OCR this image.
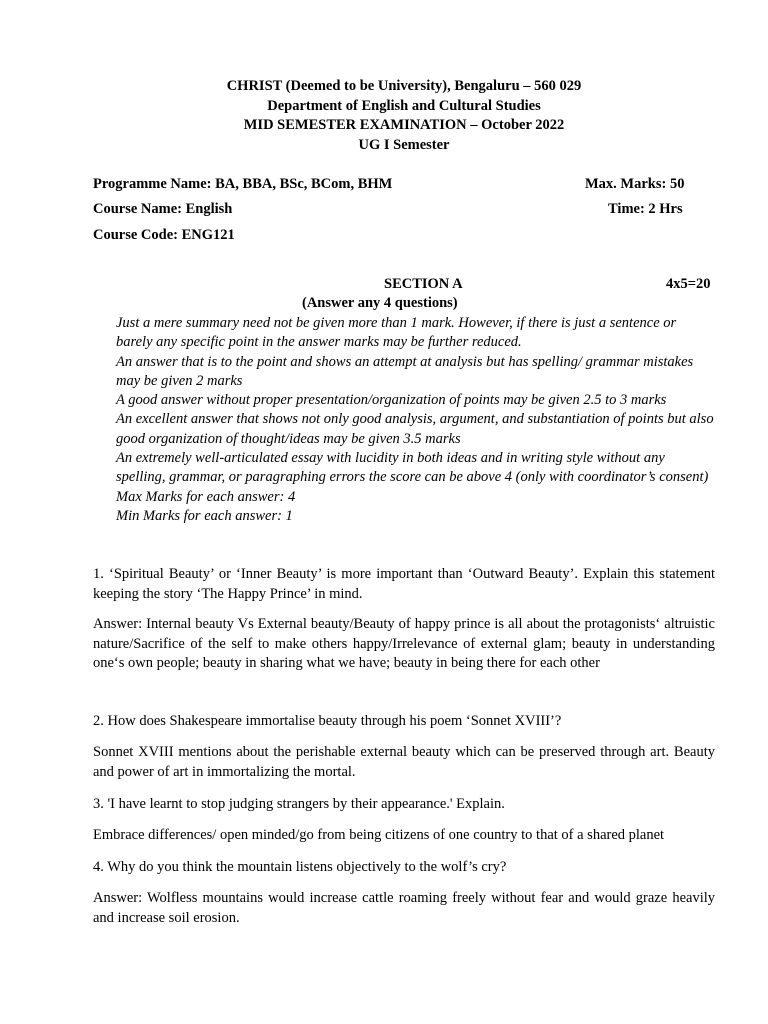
CHRIST (Deemed to be University), Bengaluru – 560 029
Department of English and Cultural Studies
MID SEMESTER EXAMINATION – October 2022
UG I Semester
Programme Name: BA, BBA, BSc, BCom, BHM	Max. Marks: 50
Course Name: English	Time: 2 Hrs
Course Code: ENG121
SECTION A	4x5=20
(Answer any 4 questions)
Just a mere summary need not be given more than 1 mark. However, if there is just a sentence or barely any specific point in the answer marks may be further reduced.
An answer that is to the point and shows an attempt at analysis but has spelling/ grammar mistakes may be given 2 marks
A good answer without proper presentation/organization of points may be given 2.5 to 3 marks
An excellent answer that shows not only good analysis, argument, and substantiation of points but also good organization of thought/ideas may be given 3.5 marks
An extremely well-articulated essay with lucidity in both ideas and in writing style without any spelling, grammar, or paragraphing errors the score can be above 4 (only with coordinator’s consent)
Max Marks for each answer: 4
Min Marks for each answer: 1

1. ‘Spiritual Beauty’ or ‘Inner Beauty’ is more important than ‘Outward Beauty’. Explain this statement keeping the story ‘The Happy Prince’ in mind.

Answer: Internal beauty Vs External beauty/Beauty of happy prince is all about the protagonists‘ altruistic nature/Sacrifice of the self to make others happy/Irrelevance of external glam; beauty in understanding one‘s own people; beauty in sharing what we have; beauty in being there for each other

2. How does Shakespeare immortalise beauty through his poem ‘Sonnet XVIII’?

Sonnet XVIII mentions about the perishable external beauty which can be preserved through art. Beauty and power of art in immortalizing the mortal.

3. 'I have learnt to stop judging strangers by their appearance.' Explain.

Embrace differences/ open minded/go from being citizens of one country to that of a shared planet

4. Why do you think the mountain listens objectively to the wolf’s cry?

Answer: Wolfless mountains would increase cattle roaming freely without fear and would graze heavily and increase soil erosion.
